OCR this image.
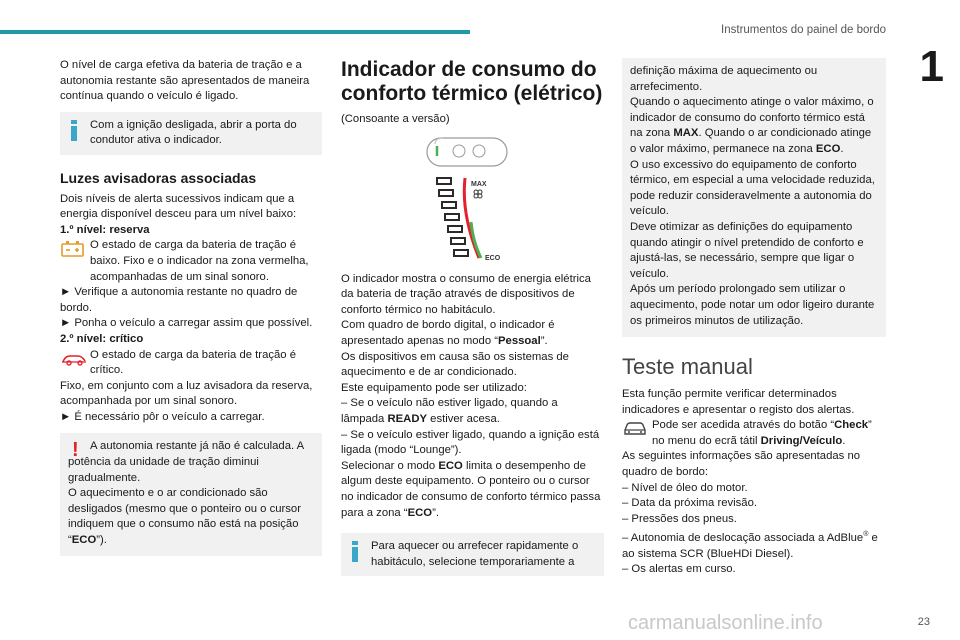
Instrumentos do painel de bordo
1

O nível de carga efetiva da bateria de tração e a autonomia restante são apresentados de maneira contínua quando o veículo é ligado.

Com a ignição desligada, abrir a porta do condutor ativa o indicador.

Luzes avisadoras associadas

Dois níveis de alerta sucessivos indicam que a energia disponível desceu para um nível baixo:

1.º nível: reserva

O estado de carga da bateria de tração é baixo. Fixo e o indicador na zona vermelha, acompanhadas de um sinal sonoro.

► Verifique a autonomia restante no quadro de bordo.

► Ponha o veículo a carregar assim que possível.

2.º nível: crítico

O estado de carga da bateria de tração é crítico.

Fixo, em conjunto com a luz avisadora da reserva, acompanhada por um sinal sonoro.

► É necessário pôr o veículo a carregar.

!	A autonomia restante já não é calculada. A potência da unidade de tração diminui gradualmente.

O aquecimento e o ar condicionado são desligados (mesmo que o ponteiro ou o cursor indiquem que o consumo não está na posição “ECO”).

Indicador de consumo do conforto térmico (elétrico)

(Consoante a versão)

MAX
ECO

O indicador mostra o consumo de energia elétrica da bateria de tração através de dispositivos de conforto térmico no habitáculo.

Com quadro de bordo digital, o indicador é apresentado apenas no modo “Pessoal”.

Os dispositivos em causa são os sistemas de aquecimento e de ar condicionado.

Este equipamento pode ser utilizado:

– Se o veículo não estiver ligado, quando a lâmpada READY estiver acesa.

– Se o veículo estiver ligado, quando a ignição está ligada (modo “Lounge”).

Selecionar o modo ECO limita o desempenho de algum deste equipamento. O ponteiro ou o cursor no indicador de consumo de conforto térmico passa para a zona “ECO”.

Para aquecer ou arrefecer rapidamente o habitáculo, selecione temporariamente a

definição máxima de aquecimento ou arrefecimento.

Quando o aquecimento atinge o valor máximo, o indicador de consumo do conforto térmico está na zona MAX. Quando o ar condicionado atinge o valor máximo, permanece na zona ECO.

O uso excessivo do equipamento de conforto térmico, em especial a uma velocidade reduzida, pode reduzir consideravelmente a autonomia do veículo.

Deve otimizar as definições do equipamento quando atingir o nível pretendido de conforto e ajustá-las, se necessário, sempre que ligar o veículo.

Após um período prolongado sem utilizar o aquecimento, pode notar um odor ligeiro durante os primeiros minutos de utilização.

Teste manual

Esta função permite verificar determinados indicadores e apresentar o registo dos alertas.

Pode ser acedida através do botão “Check” no menu do ecrã tátil Driving/Veículo.

As seguintes informações são apresentadas no quadro de bordo:

– Nível de óleo do motor.

– Data da próxima revisão.

– Pressões dos pneus.

– Autonomia de deslocação associada a AdBlue® e ao sistema SCR (BlueHDi Diesel).

– Os alertas em curso.

carmanualsonline.info	23
